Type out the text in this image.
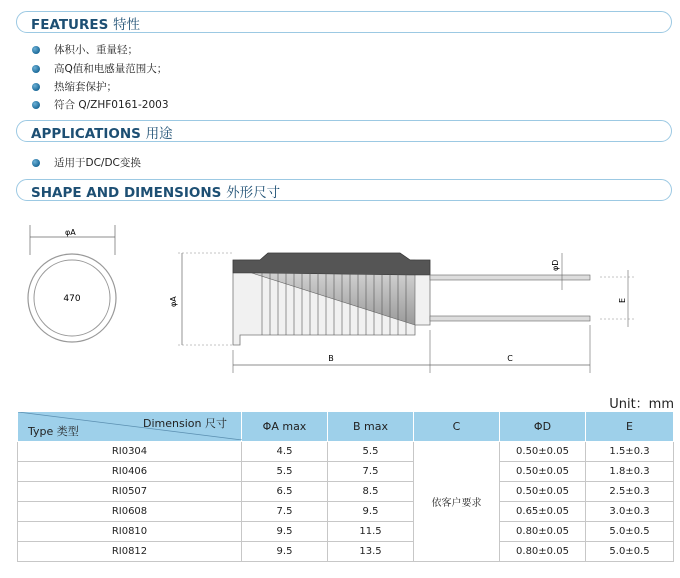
FEATURES 特性
体积小、重量轻；
高Q值和电感量范围大；
热缩套保护；
符合 Q/ZHF0161-2003
APPLICATIONS 用途
适用于DC/DC变换
SHAPE AND DIMENSIONS 外形尺寸
φA
470	φA
φD
E
B	C
Unit：mm
Dimension 尺寸
Type 类型	ΦA max	B max	C	ΦD	E
RI0304	4.5	5.5	依客户要求	0.50±0.05	1.5±0.3
RI0406	5.5	7.5		0.50±0.05	1.8±0.3
RI0507	6.5	8.5		0.50±0.05	2.5±0.3
RI0608	7.5	9.5		0.65±0.05	3.0±0.3
RI0810	9.5	11.5		0.80±0.05	5.0±0.5
RI0812	9.5	13.5		0.80±0.05	5.0±0.5
